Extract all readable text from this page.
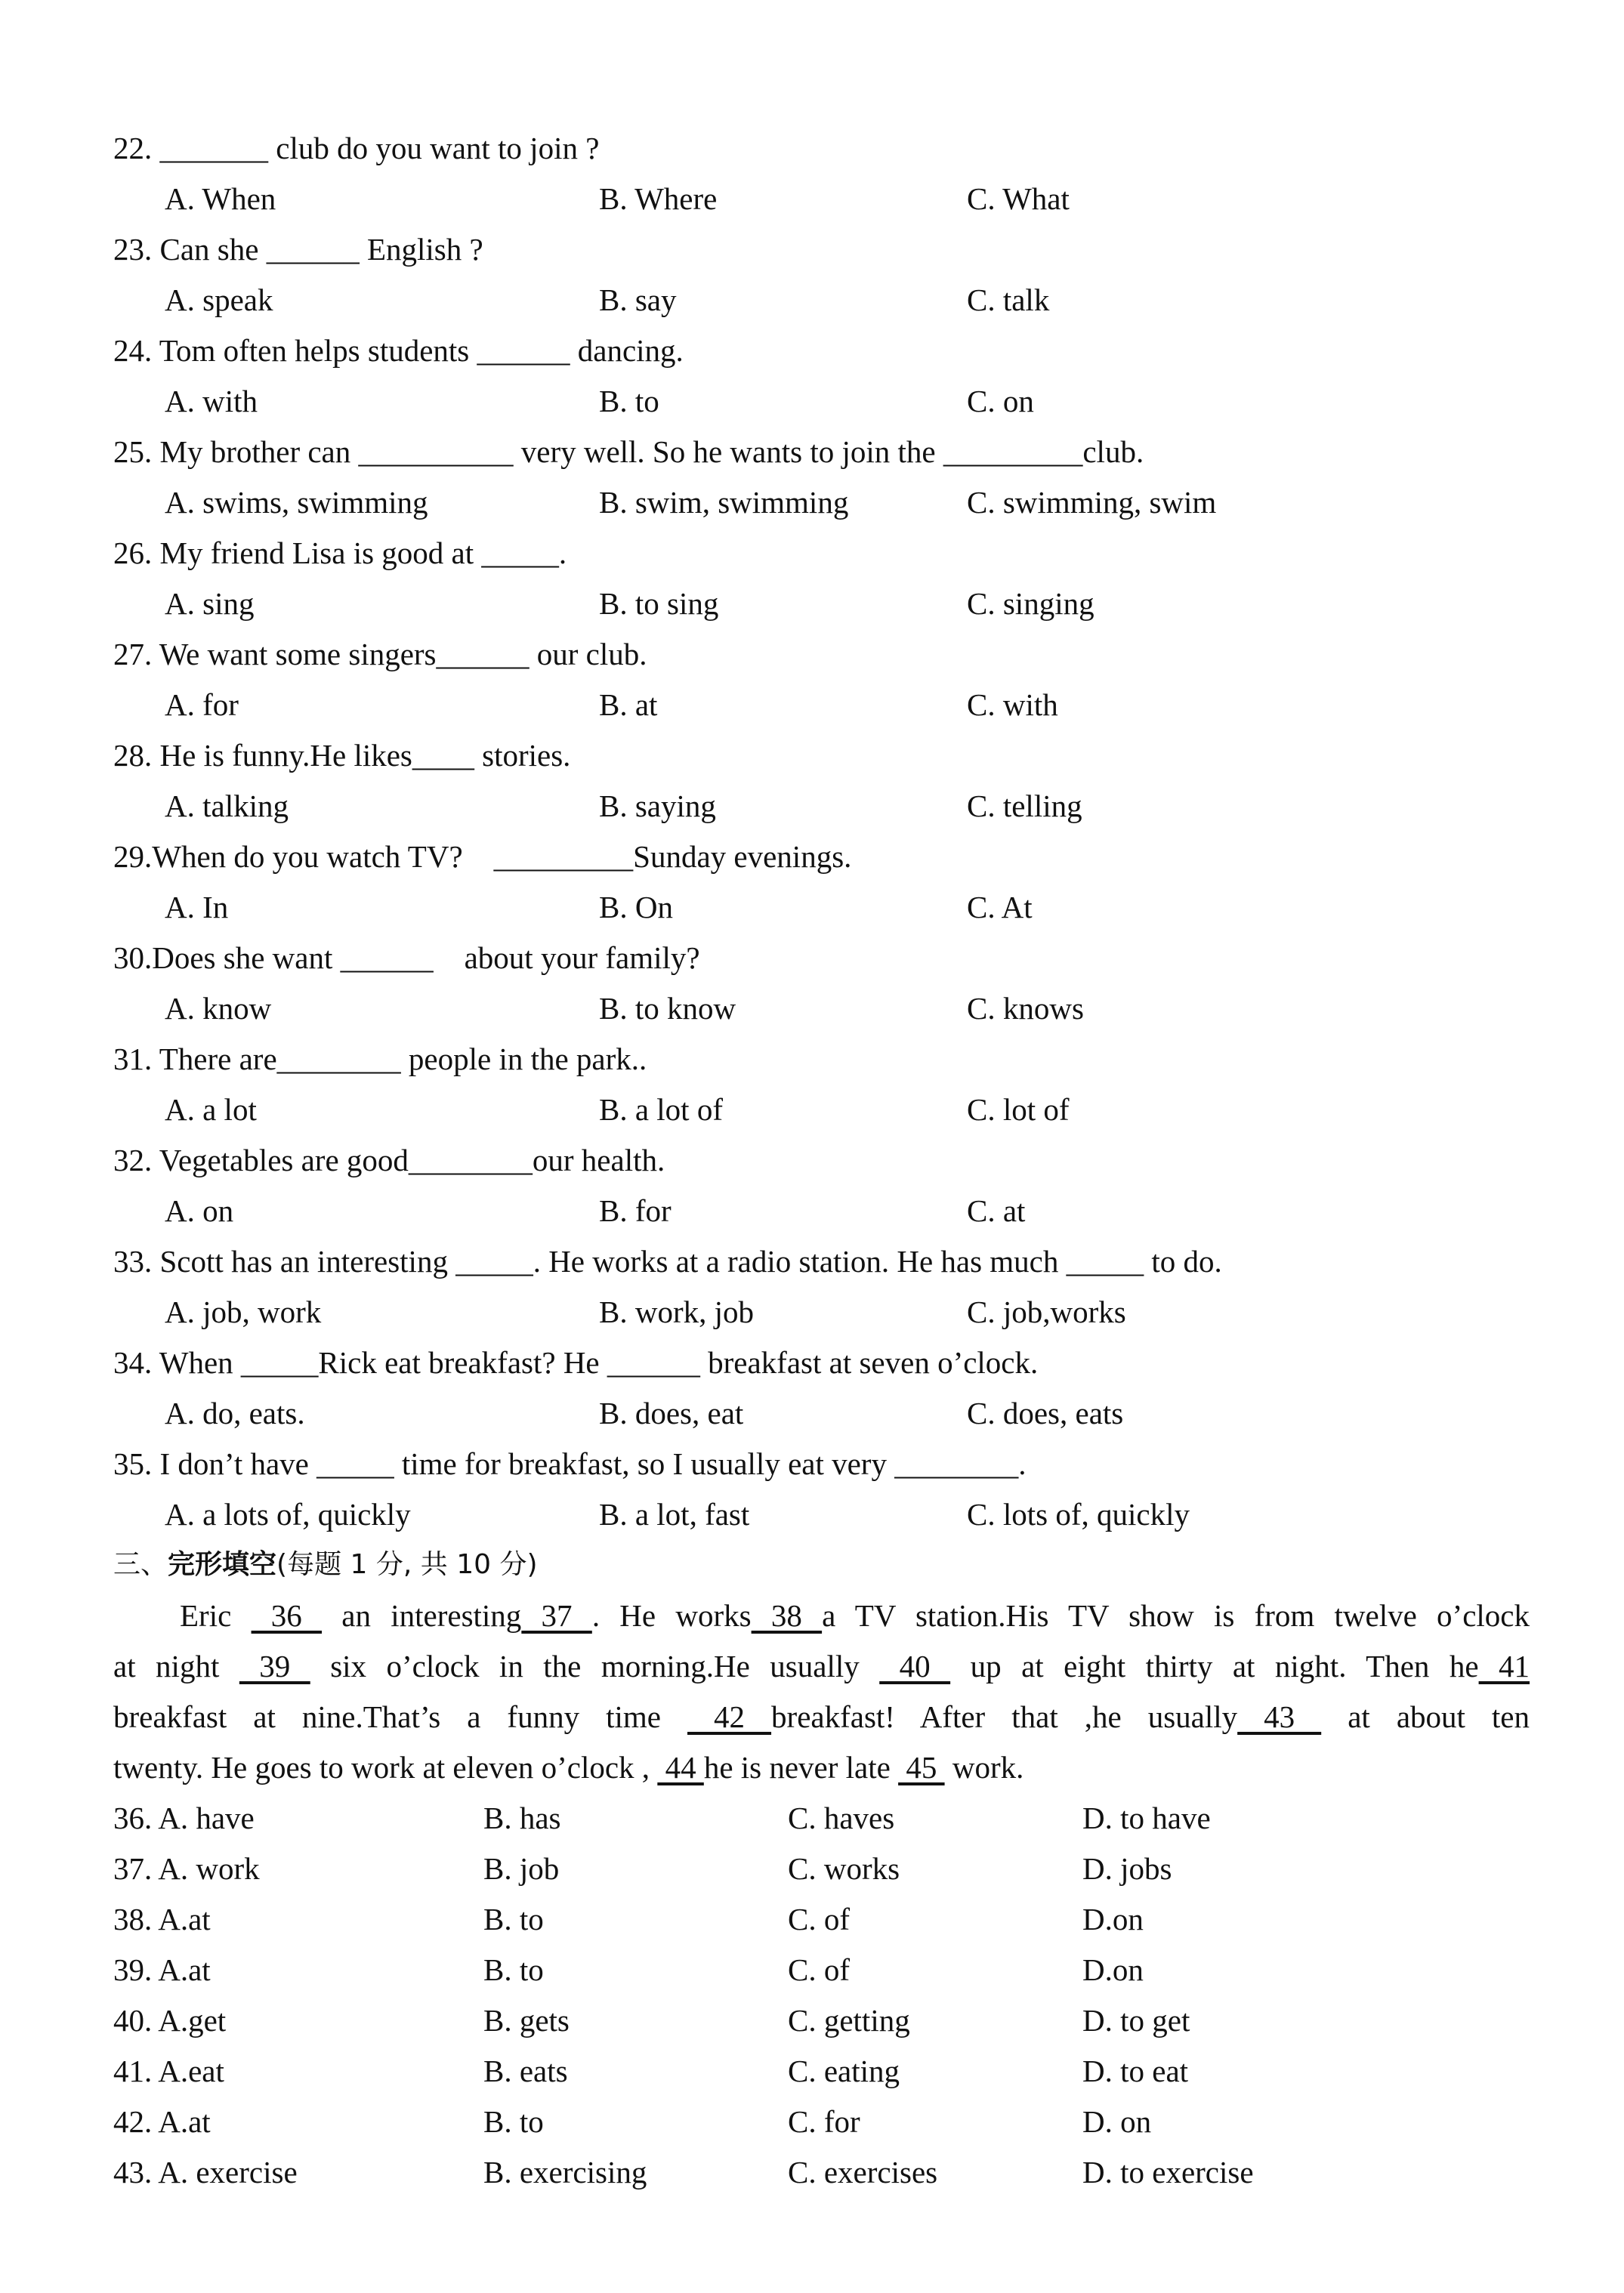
22. _______ club do you want to join ?
A. When	B. Where	C. What
23. Can she ______ English ?
A. speak	B. say	C. talk
24. Tom often helps students ______ dancing.
A. with	B. to	C. on
25. My brother can __________ very well. So he wants to join the _________club.
A. swims, swimming	B. swim, swimming	C. swimming, swim
26. My friend Lisa is good at _____.
A. sing	B. to sing	C. singing
27. We want some singers______ our club.
A. for	B. at	C. with
28. He is funny.He likes____ stories.
A. talking	B. saying	C. telling
29.When do you watch TV?    _________Sunday evenings.
A. In	B. On	C. At
30.Does she want ______    about your family?
A. know	B. to know	C. knows
31. There are________ people in the park..
A. a lot	B. a lot of	C. lot of
32. Vegetables are good________our health.
A. on	B. for	C. at
33. Scott has an interesting _____. He works at a radio station. He has much _____ to do.
A. job, work	B. work, job	C. job,works
34. When _____Rick eat breakfast? He ______ breakfast at seven o’clock.
A. do, eats.	B. does, eat	C. does, eats
35. I don’t have _____ time for breakfast, so I usually eat very ________.
A. a lots of, quickly	B. a lot, fast	C. lots of, quickly
三、完形填空(每题 1 分, 共 10 分)
Eric  36  an interesting 37 . He works 38 a TV station.His TV show is from twelve o’clock
at night  39  six o’clock in the morning.He usually  40  up at eight thirty at night. Then he 41
breakfast at nine.That’s a funny time  42 breakfast! After that ,he usually 43  at about ten
twenty. He goes to work at eleven o’clock ,  44 he is never late  45  work.
36. A. have	B. has	C. haves	D. to have
37. A. work	B. job	C. works	D. jobs
38. A.at	B. to	C. of	D.on
39. A.at	B. to	C. of	D.on
40. A.get	B. gets	C. getting	D. to get
41. A.eat	B. eats	C. eating	D. to eat
42. A.at	B. to	C. for	D. on
43. A. exercise	B. exercising	C. exercises	D. to exercise
